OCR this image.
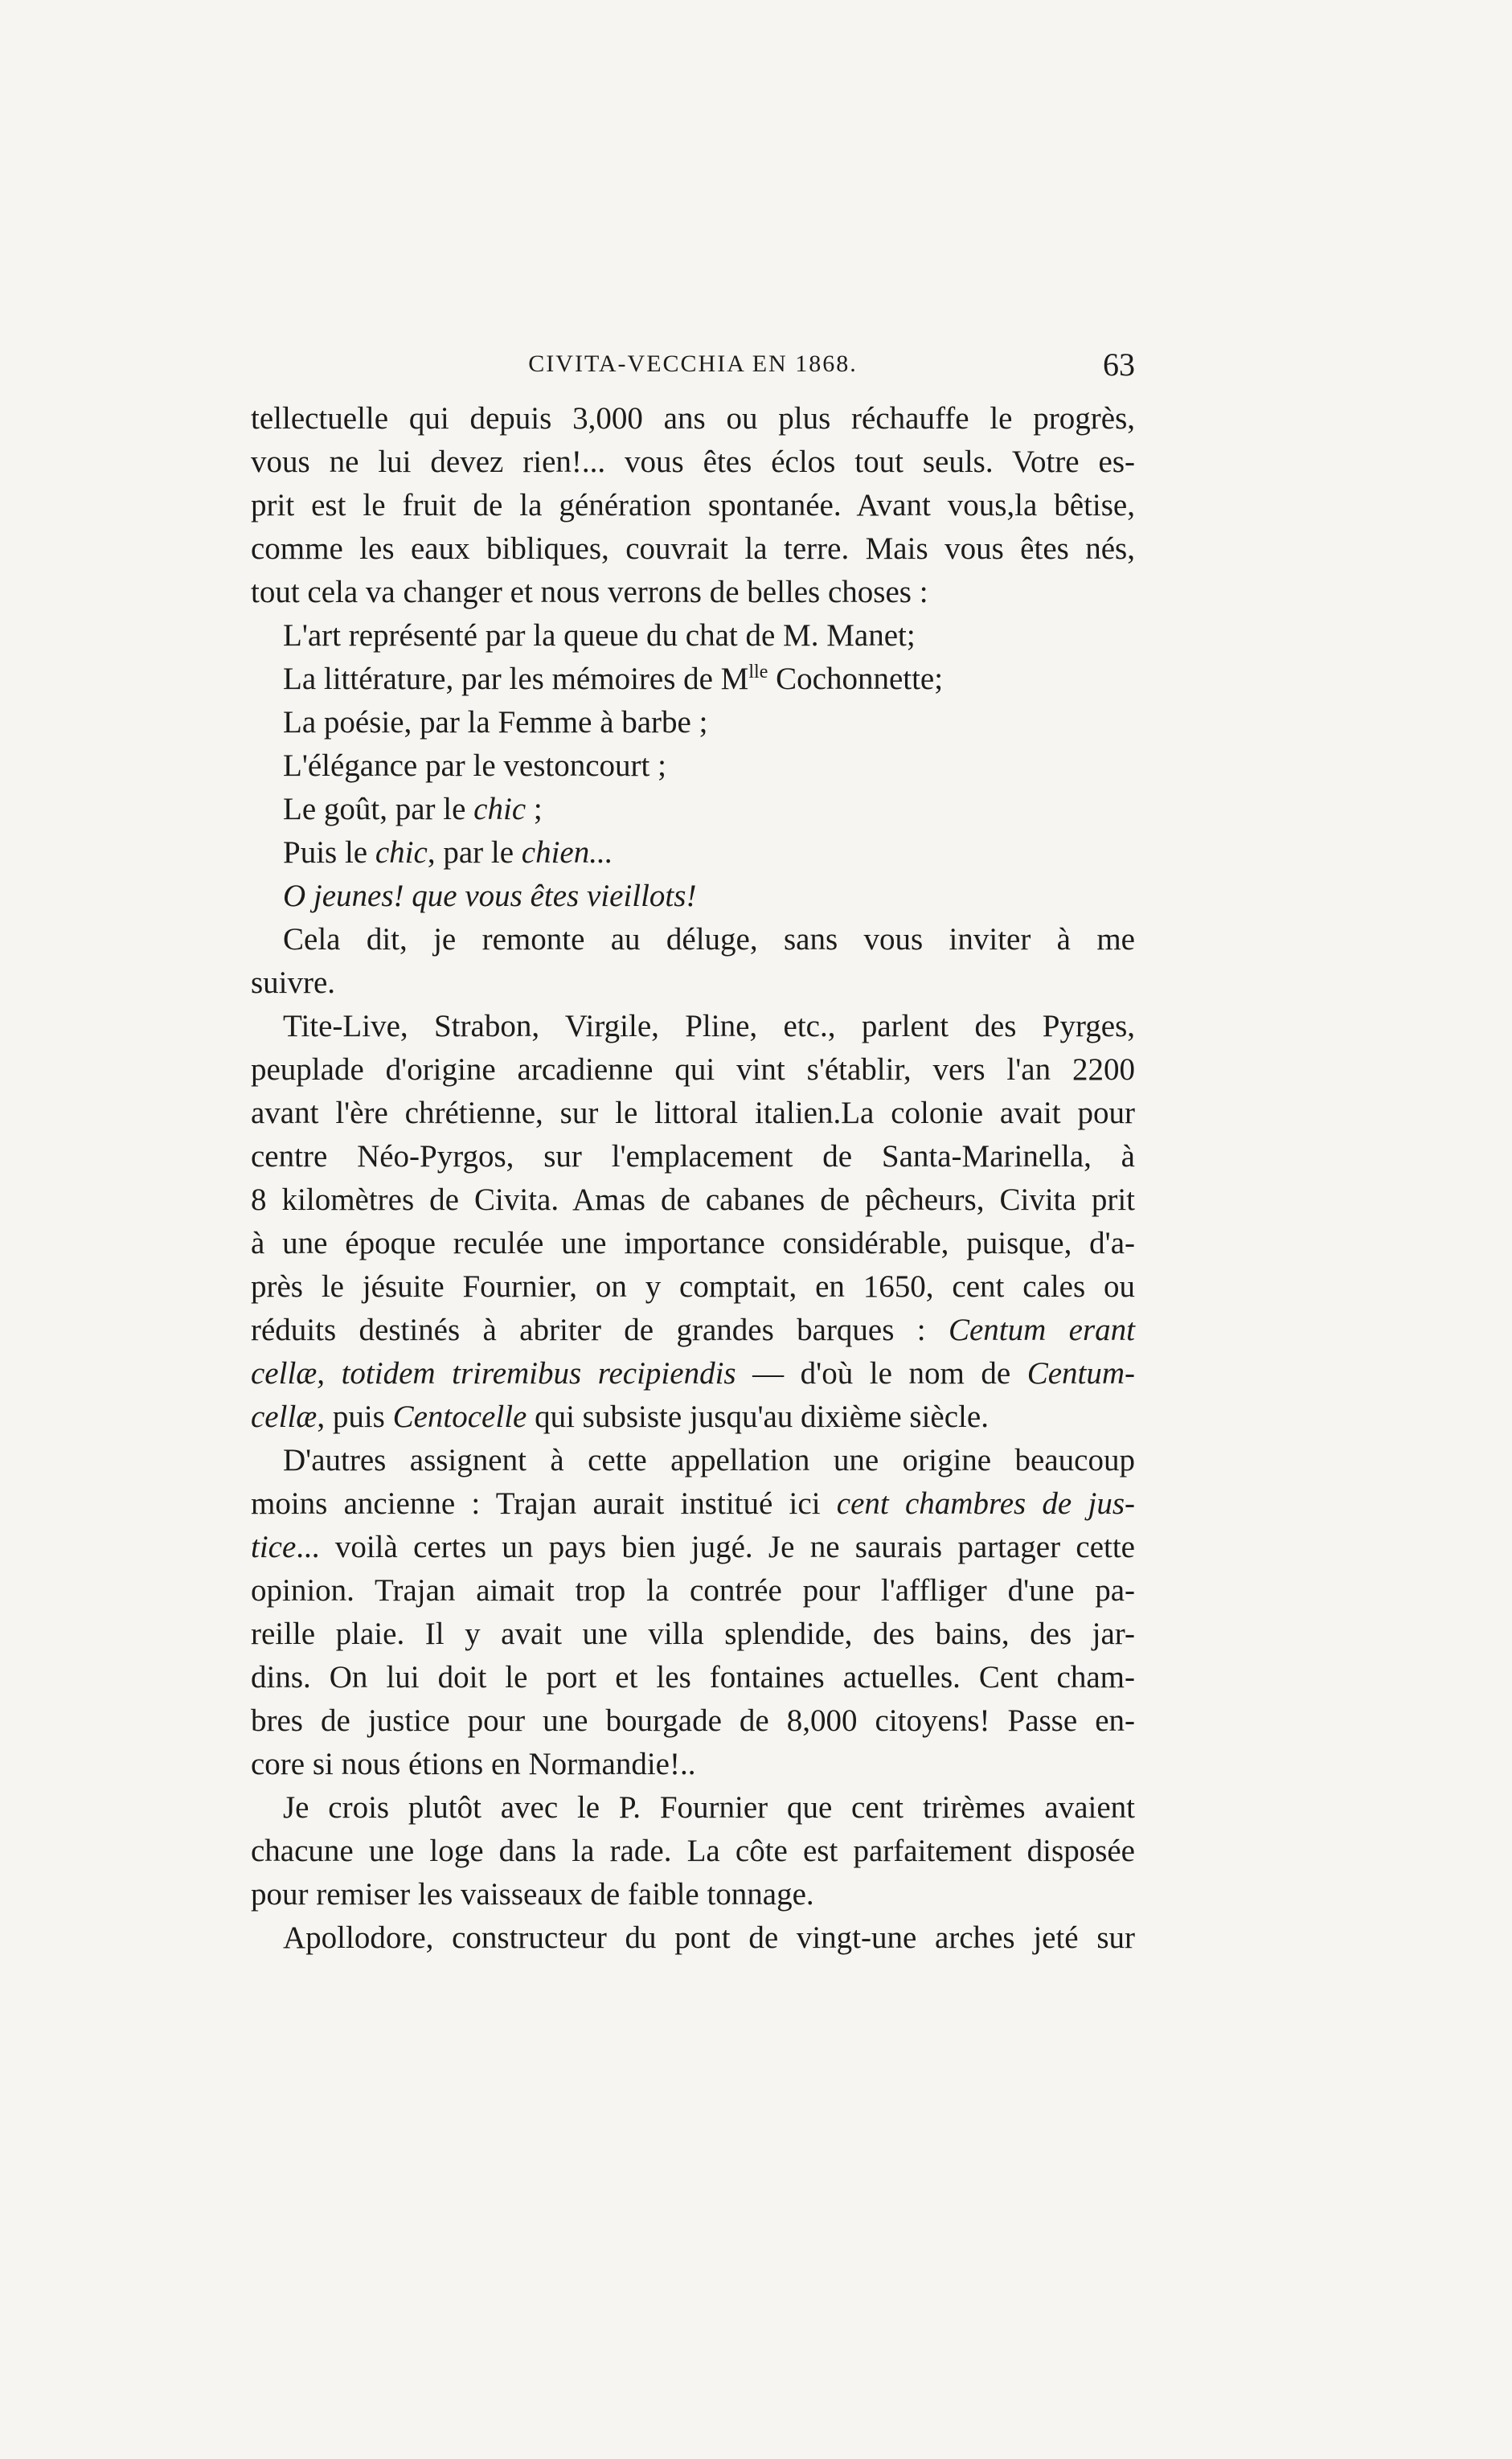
CIVITA-VECCHIA EN 1868.	63
tellectuelle qui depuis 3,000 ans ou plus réchauffe le progrès,
vous ne lui devez rien!... vous êtes éclos tout seuls. Votre es-
prit est le fruit de la génération spontanée. Avant vous,la bêtise,
comme les eaux bibliques, couvrait la terre. Mais vous êtes nés,
tout cela va changer et nous verrons de belles choses :
L'art représenté par la queue du chat de M. Manet;
La littérature, par les mémoires de $M^{lle}$ Cochonnette;
La poésie, par la Femme à barbe ;
L'élégance par le vestoncourt ;
Le goût, par le chic ;
Puis le chic, par le chien...
O jeunes! que vous êtes vieillots!
Cela dit, je remonte au déluge, sans vous inviter à me
suivre.
Tite-Live, Strabon, Virgile, Pline, etc., parlent des Pyrges,
peuplade d'origine arcadienne qui vint s'établir, vers l'an 2200
avant l'ère chrétienne, sur le littoral italien.La colonie avait pour
centre Néo-Pyrgos, sur l'emplacement de Santa-Marinella, à
8 kilomètres de Civita. Amas de cabanes de pêcheurs, Civita prit
à une époque reculée une importance considérable, puisque, d'a-
près le jésuite Fournier, on y comptait, en 1650, cent cales ou
réduits destinés à abriter de grandes barques : Centum erant
cellæ, totidem triremibus recipiendis — d'où le nom de Centum-
cellæ, puis Centocelle qui subsiste jusqu'au dixième siècle.
D'autres assignent à cette appellation une origine beaucoup
moins ancienne : Trajan aurait institué ici cent chambres de jus-
tice... voilà certes un pays bien jugé. Je ne saurais partager cette
opinion. Trajan aimait trop la contrée pour l'affliger d'une pa-
reille plaie. Il y avait une villa splendide, des bains, des jar-
dins. On lui doit le port et les fontaines actuelles. Cent cham-
bres de justice pour une bourgade de 8,000 citoyens! Passe en-
core si nous étions en Normandie!..
Je crois plutôt avec le P. Fournier que cent trirèmes avaient
chacune une loge dans la rade. La côte est parfaitement disposée
pour remiser les vaisseaux de faible tonnage.
Apollodore, constructeur du pont de vingt-une arches jeté sur
